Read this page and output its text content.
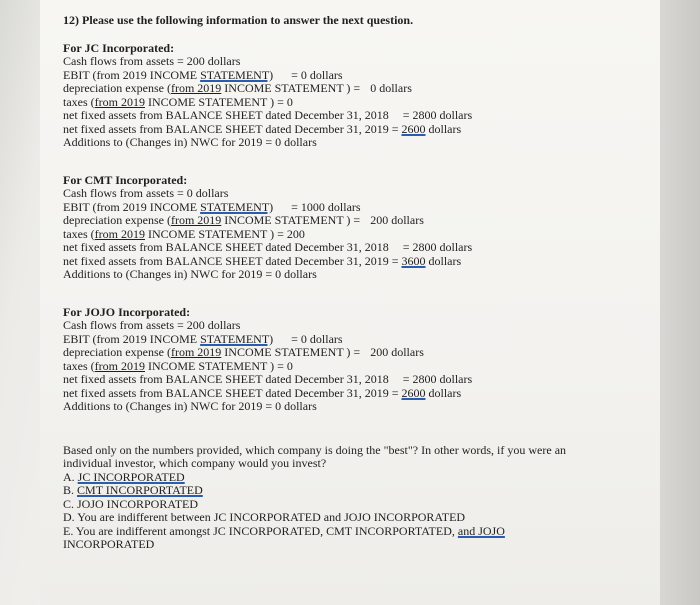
12) Please use the following information to answer the next question.
For JC Incorporated:
Cash flows from assets = 200 dollars
EBIT (from 2019 INCOME STATEMENT) = 0 dollars
depreciation expense (from 2019 INCOME STATEMENT ) = 0 dollars
taxes (from 2019 INCOME STATEMENT ) = 0
net fixed assets from BALANCE SHEET dated December 31, 2018 = 2800 dollars
net fixed assets from BALANCE SHEET dated December 31, 2019 = 2600 dollars
Additions to (Changes in) NWC for 2019 = 0 dollars
For CMT Incorporated:
Cash flows from assets = 0 dollars
EBIT (from 2019 INCOME STATEMENT) = 1000 dollars
depreciation expense (from 2019 INCOME STATEMENT ) = 200 dollars
taxes (from 2019 INCOME STATEMENT ) = 200
net fixed assets from BALANCE SHEET dated December 31, 2018 = 2800 dollars
net fixed assets from BALANCE SHEET dated December 31, 2019 = 3600 dollars
Additions to (Changes in) NWC for 2019 = 0 dollars
For JOJO Incorporated:
Cash flows from assets = 200 dollars
EBIT (from 2019 INCOME STATEMENT) = 0 dollars
depreciation expense (from 2019 INCOME STATEMENT ) = 200 dollars
taxes (from 2019 INCOME STATEMENT ) = 0
net fixed assets from BALANCE SHEET dated December 31, 2018 = 2800 dollars
net fixed assets from BALANCE SHEET dated December 31, 2019 = 2600 dollars
Additions to (Changes in) NWC for 2019 = 0 dollars
Based only on the numbers provided, which company is doing the "best"? In other words, if you were an
individual investor, which company would you invest?
A. JC INCORPORATED
B. CMT INCORPORTATED
C. JOJO INCORPORATED
D. You are indifferent between JC INCORPORATED and JOJO INCORPORATED
E. You are indifferent amongst JC INCORPORATED, CMT INCORPORTATED, and JOJO
INCORPORATED
